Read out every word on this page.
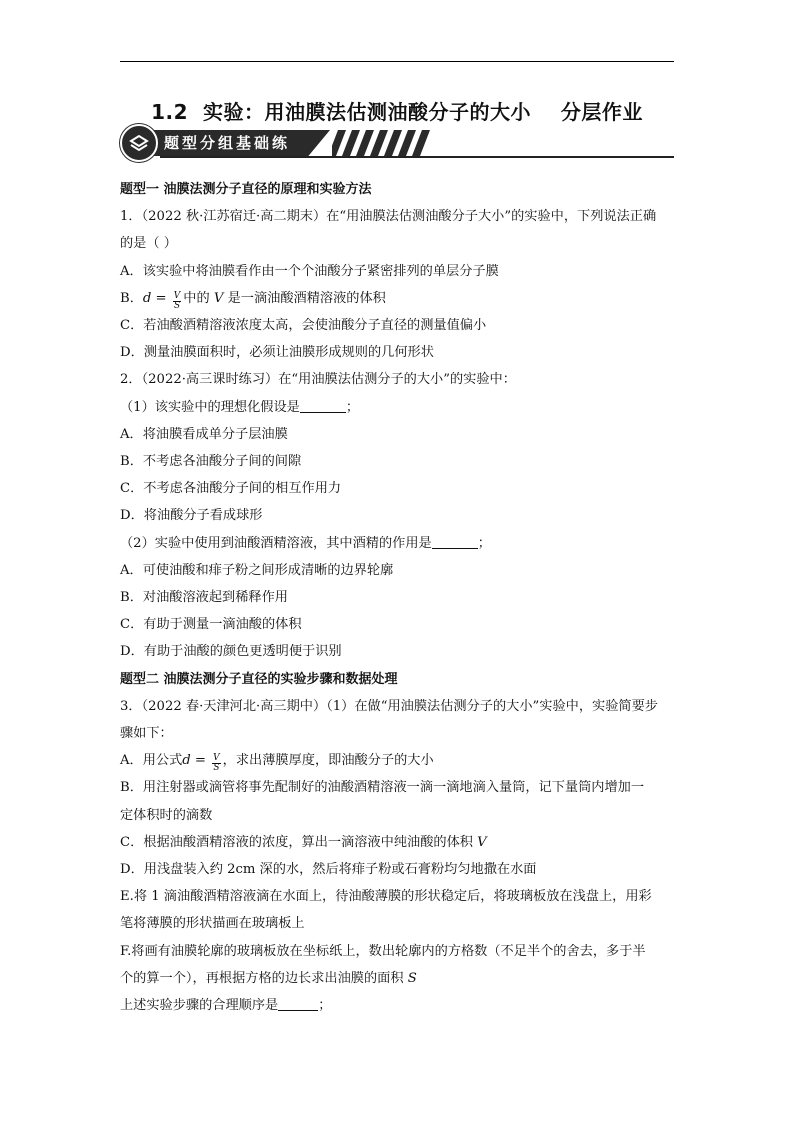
1.2  实验：用油膜法估测油酸分子的大小    分层作业
题型分组基础练
题型一 油膜法测分子直径的原理和实验方法
1．（2022 秋·江苏宿迁·高二期末）在“用油膜法估测油酸分子大小”的实验中，下列说法正确
的是（ ）
A．该实验中将油膜看作由一个个油酸分子紧密排列的单层分子膜
B．$d = \frac{V}{S}$ 中的 V 是一滴油酸酒精溶液的体积
C．若油酸酒精溶液浓度太高，会使油酸分子直径的测量值偏小
D．测量油膜面积时，必须让油膜形成规则的几何形状
2．（2022·高三课时练习）在“用油膜法估测分子的大小”的实验中：
（1）该实验中的理想化假设是	；
A．将油膜看成单分子层油膜
B．不考虑各油酸分子间的间隙
C．不考虑各油酸分子间的相互作用力
D．将油酸分子看成球形
（2）实验中使用到油酸酒精溶液，其中酒精的作用是	；
A．可使油酸和痱子粉之间形成清晰的边界轮廓
B．对油酸溶液起到稀释作用
C．有助于测量一滴油酸的体积
D．有助于油酸的颜色更透明便于识别
题型二 油膜法测分子直径的实验步骤和数据处理
3．（2022 春·天津河北·高三期中）（1）在做“用油膜法估测分子的大小”实验中，实验简要步
骤如下：
A．用公式$d = \frac{V}{S}$ ，求出薄膜厚度，即油酸分子的大小
B．用注射器或滴管将事先配制好的油酸酒精溶液一滴一滴地滴入量筒，记下量筒内增加一
定体积时的滴数
C．根据油酸酒精溶液的浓度，算出一滴溶液中纯油酸的体积 V
D．用浅盘装入约 2cm 深的水，然后将痱子粉或石膏粉均匀地撒在水面
E.将 1 滴油酸酒精溶液滴在水面上，待油酸薄膜的形状稳定后，将玻璃板放在浅盘上，用彩
笔将薄膜的形状描画在玻璃板上
F.将画有油膜轮廓的玻璃板放在坐标纸上，数出轮廓内的方格数（不足半个的舍去，多于半
个的算一个），再根据方格的边长求出油膜的面积 S
上述实验步骤的合理顺序是	；
